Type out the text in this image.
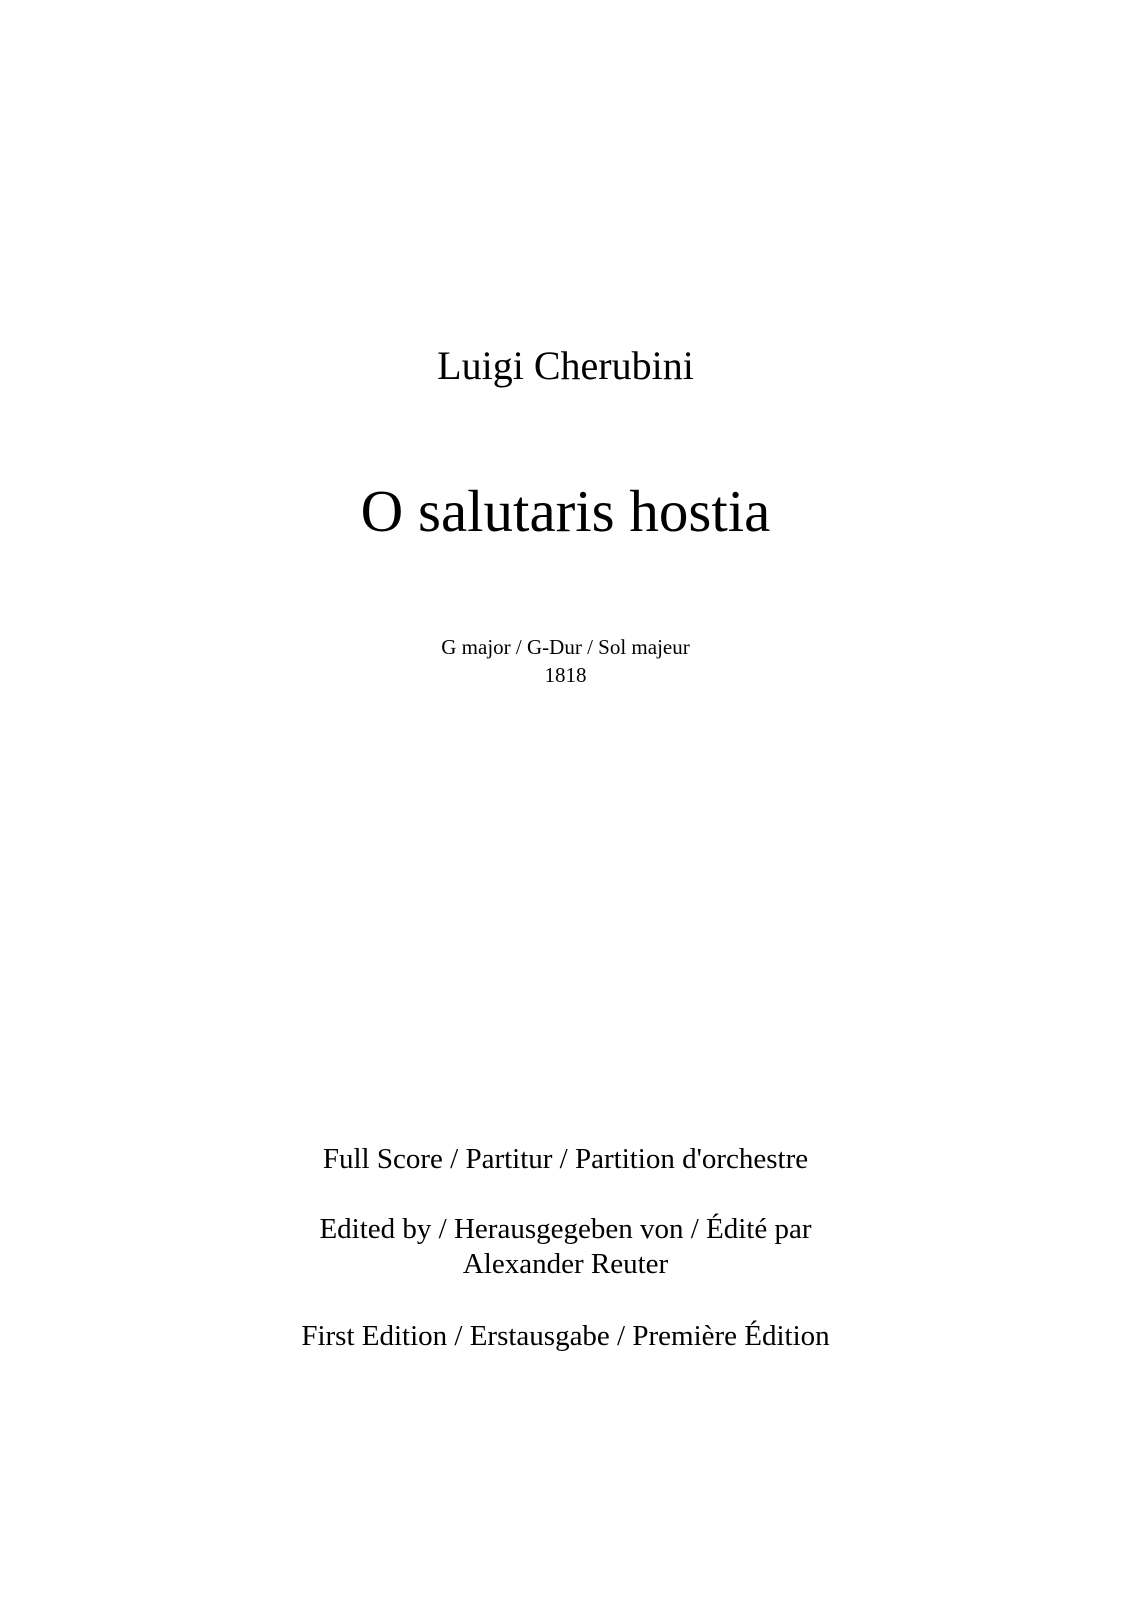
Luigi Cherubini
O salutaris hostia
G major / G-Dur / Sol majeur
1818
Full Score / Partitur / Partition d'orchestre
Edited by / Herausgegeben von / Édité par
Alexander Reuter
First Edition / Erstausgabe / Première Édition
